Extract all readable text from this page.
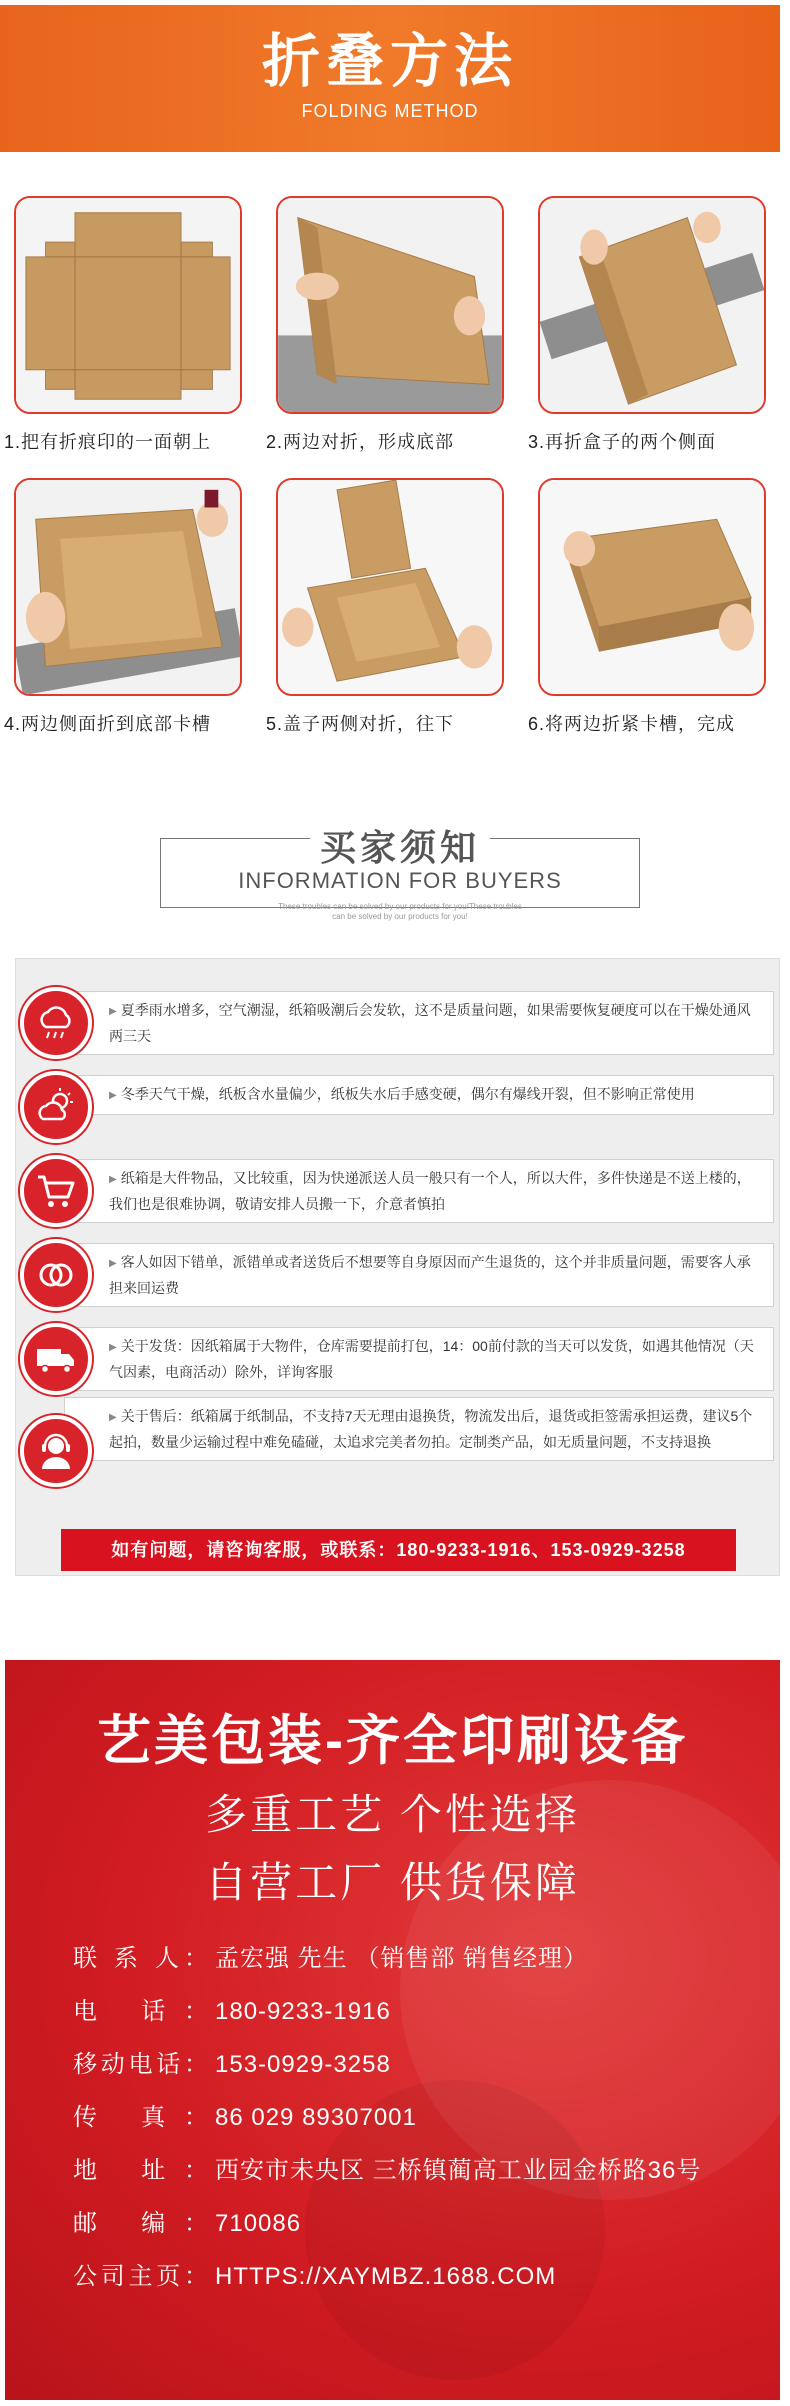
折叠方法
FOLDING METHOD
1.把有折痕印的一面朝上	2.两边对折，形成底部	3.再折盒子的两个侧面
4.两边侧面折到底部卡槽	5.盖子两侧对折，往下	6.将两边折紧卡槽，完成
买家须知
INFORMATION FOR BUYERS
These troubles can be solved by our products for you!These troubles
can be solved by our products for you!
▶ 夏季雨水增多，空气潮湿，纸箱吸潮后会发软，这不是质量问题，如果需要恢复硬度可以在干燥处通风两三天
▶ 冬季天气干燥，纸板含水量偏少，纸板失水后手感变硬，偶尔有爆线开裂，但不影响正常使用
▶ 纸箱是大件物品，又比较重，因为快递派送人员一般只有一个人，所以大件，多件快递是不送上楼的，我们也是很难协调，敬请安排人员搬一下，介意者慎拍
▶ 客人如因下错单，派错单或者送货后不想要等自身原因而产生退货的，这个并非质量问题，需要客人承担来回运费
▶ 关于发货：因纸箱属于大物件，仓库需要提前打包，14：00前付款的当天可以发货，如遇其他情况（天气因素，电商活动）除外，详询客服
▶ 关于售后：纸箱属于纸制品，不支持7天无理由退换货，物流发出后，退货或拒签需承担运费，建议5个起拍，数量少运输过程中难免磕碰，太追求完美者勿拍。定制类产品，如无质量问题，不支持退换
如有问题，请咨询客服，或联系：180-9233-1916、153-0929-3258
艺美包装-齐全印刷设备
多重工艺 个性选择
自营工厂 供货保障
联 系 人： 孟宏强 先生 （销售部 销售经理）
电 话： 180-9233-1916
移动电话： 153-0929-3258
传 真： 86 029 89307001
地 址： 西安市未央区 三桥镇蔺高工业园金桥路36号
邮 编： 710086
公司主页： HTTPS://XAYMBZ.1688.COM
